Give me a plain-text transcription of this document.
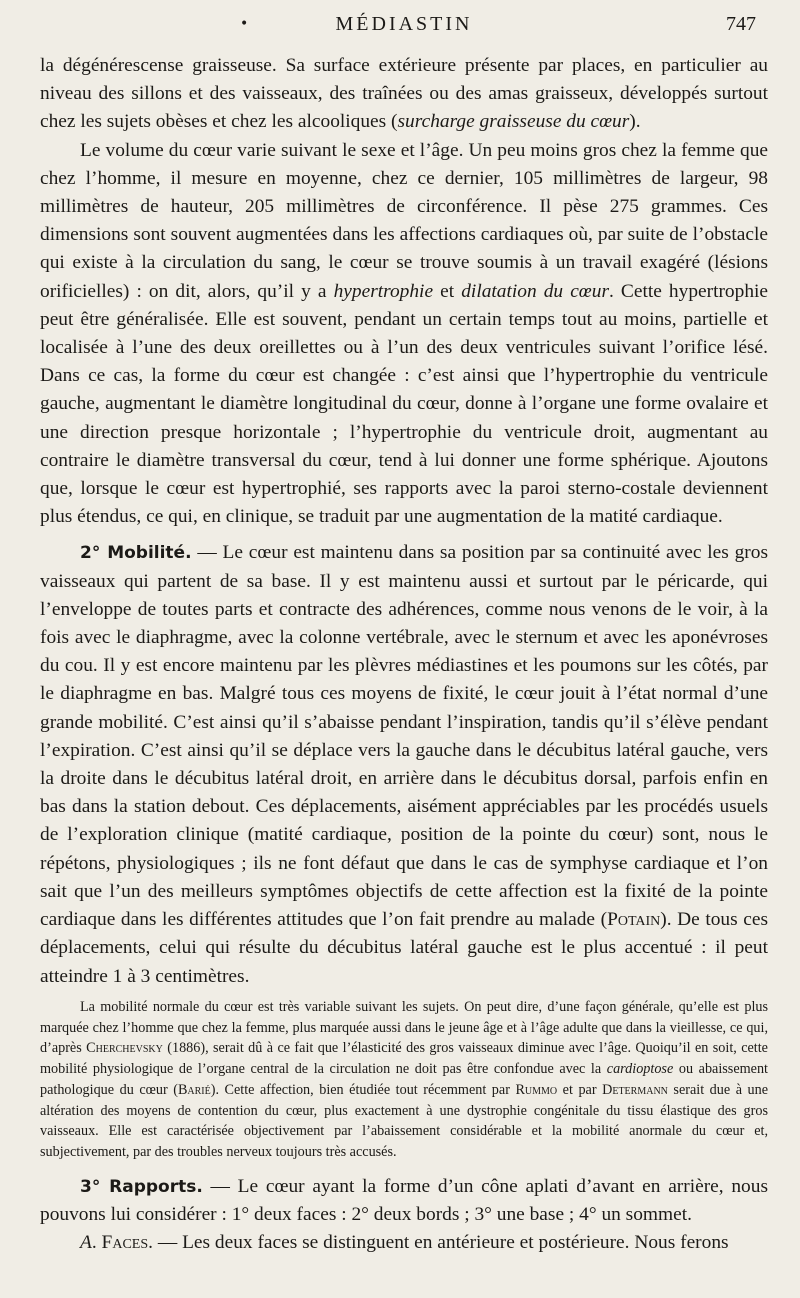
•	MÉDIASTIN	747

la dégénérescense graisseuse. Sa surface extérieure présente par places, en particulier au niveau des sillons et des vaisseaux, des traînées ou des amas graisseux, développés surtout chez les sujets obèses et chez les alcooliques (surcharge graisseuse du cœur).

Le volume du cœur varie suivant le sexe et l’âge. Un peu moins gros chez la femme que chez l’homme, il mesure en moyenne, chez ce dernier, 105 millimètres de largeur, 98 millimètres de hauteur, 205 millimètres de circonférence. Il pèse 275 grammes. Ces dimensions sont souvent augmentées dans les affections cardiaques où, par suite de l’obstacle qui existe à la circulation du sang, le cœur se trouve soumis à un travail exagéré (lésions orificielles) : on dit, alors, qu’il y a hypertrophie et dilatation du cœur. Cette hypertrophie peut être généralisée. Elle est souvent, pendant un certain temps tout au moins, partielle et localisée à l’une des deux oreillettes ou à l’un des deux ventricules suivant l’orifice lésé. Dans ce cas, la forme du cœur est changée : c’est ainsi que l’hypertrophie du ventricule gauche, augmentant le diamètre longitudinal du cœur, donne à l’organe une forme ovalaire et une direction presque horizontale ; l’hypertrophie du ventricule droit, augmentant au contraire le diamètre transversal du cœur, tend à lui donner une forme sphérique. Ajoutons que, lorsque le cœur est hypertrophié, ses rapports avec la paroi sterno-costale deviennent plus étendus, ce qui, en clinique, se traduit par une augmentation de la matité cardiaque.

2° Mobilité. — Le cœur est maintenu dans sa position par sa continuité avec les gros vaisseaux qui partent de sa base. Il y est maintenu aussi et surtout par le péricarde, qui l’enveloppe de toutes parts et contracte des adhérences, comme nous venons de le voir, à la fois avec le diaphragme, avec la colonne vertébrale, avec le sternum et avec les aponévroses du cou. Il y est encore maintenu par les plèvres médiastines et les poumons sur les côtés, par le diaphragme en bas. Malgré tous ces moyens de fixité, le cœur jouit à l’état normal d’une grande mobilité. C’est ainsi qu’il s’abaisse pendant l’inspiration, tandis qu’il s’élève pendant l’expiration. C’est ainsi qu’il se déplace vers la gauche dans le décubitus latéral gauche, vers la droite dans le décubitus latéral droit, en arrière dans le décubitus dorsal, parfois enfin en bas dans la station debout. Ces déplacements, aisément appréciables par les procédés usuels de l’exploration clinique (matité cardiaque, position de la pointe du cœur) sont, nous le répétons, physiologiques ; ils ne font défaut que dans le cas de symphyse cardiaque et l’on sait que l’un des meilleurs symptômes objectifs de cette affection est la fixité de la pointe cardiaque dans les différentes attitudes que l’on fait prendre au malade (Potain). De tous ces déplacements, celui qui résulte du décubitus latéral gauche est le plus accentué : il peut atteindre 1 à 3 centimètres.

La mobilité normale du cœur est très variable suivant les sujets. On peut dire, d’une façon générale, qu’elle est plus marquée chez l’homme que chez la femme, plus marquée aussi dans le jeune âge et à l’âge adulte que dans la vieillesse, ce qui, d’après Cherchevsky (1886), serait dû à ce fait que l’élasticité des gros vaisseaux diminue avec l’âge. Quoiqu’il en soit, cette mobilité physiologique de l’organe central de la circulation ne doit pas être confondue avec la cardioptose ou abaissement pathologique du cœur (Barié). Cette affection, bien étudiée tout récemment par Rummo et par Determann serait due à une altération des moyens de contention du cœur, plus exactement à une dystrophie congénitale du tissu élastique des gros vaisseaux. Elle est caractérisée objectivement par l’abaissement considérable et la mobilité anormale du cœur et, subjectivement, par des troubles nerveux toujours très accusés.

3° Rapports. — Le cœur ayant la forme d’un cône aplati d’avant en arrière, nous pouvons lui considérer : 1° deux faces : 2° deux bords ; 3° une base ; 4° un sommet.

A. Faces. — Les deux faces se distinguent en antérieure et postérieure. Nous ferons
